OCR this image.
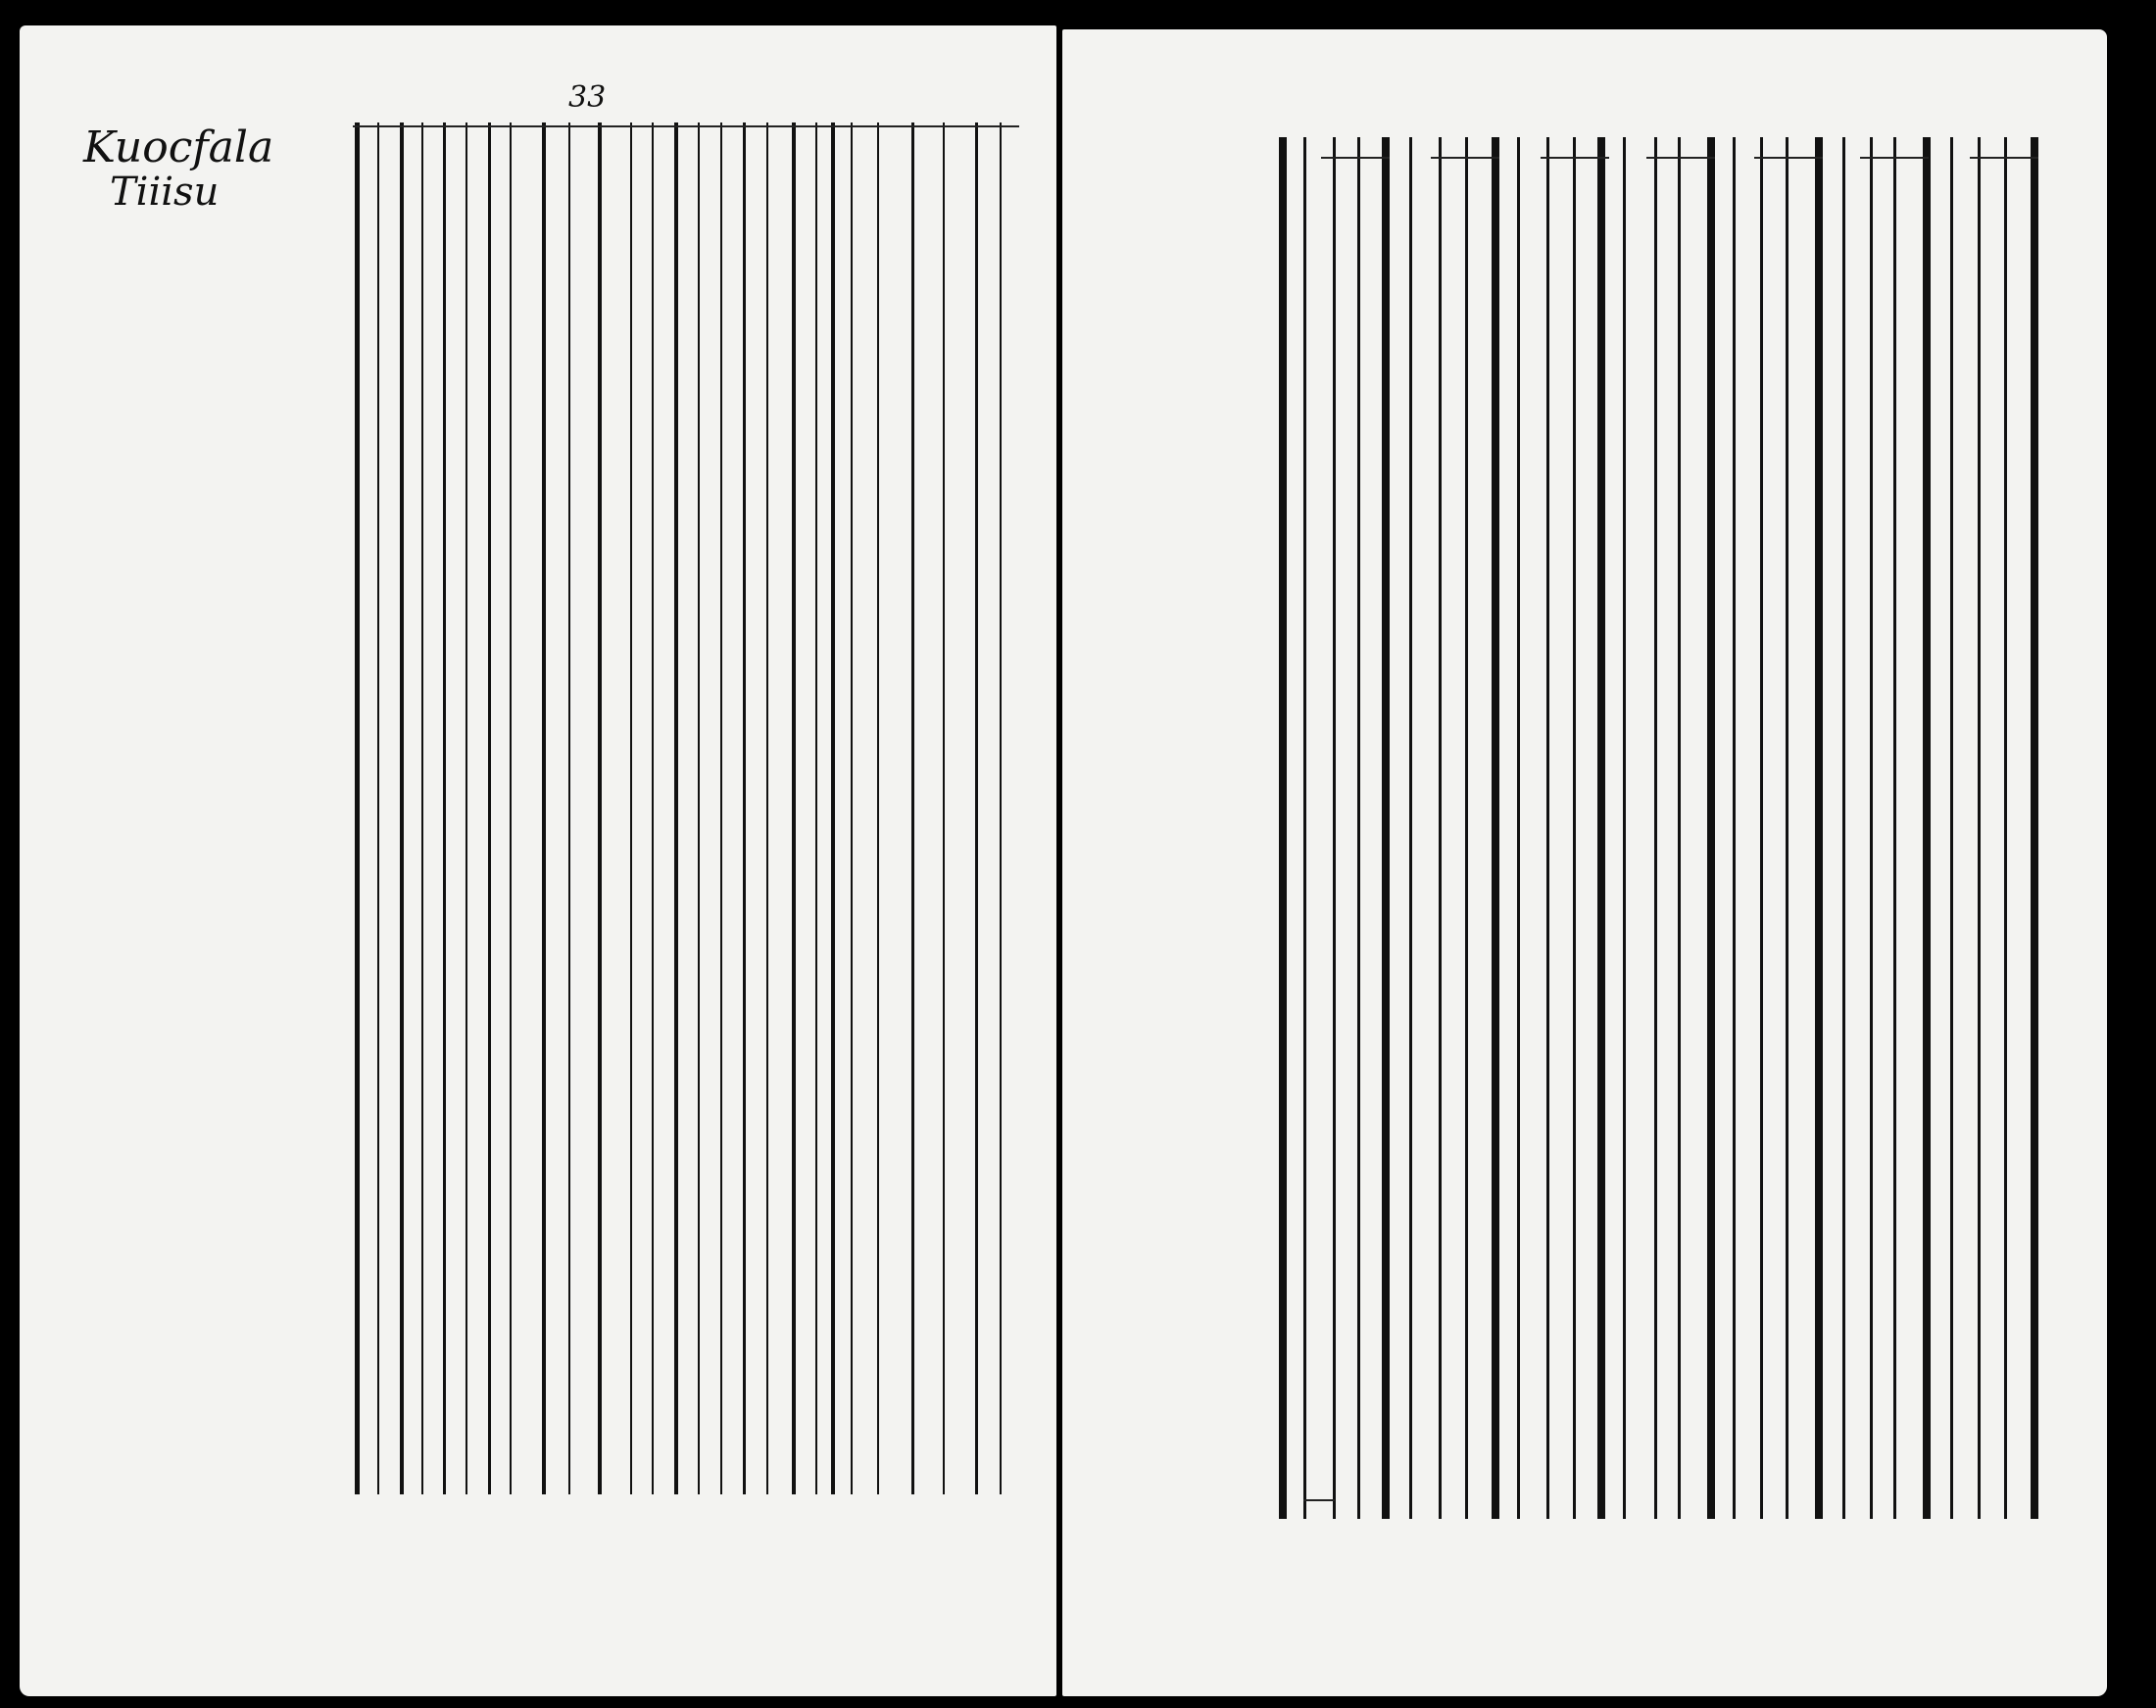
33
Kuocfala
Tiiisu
